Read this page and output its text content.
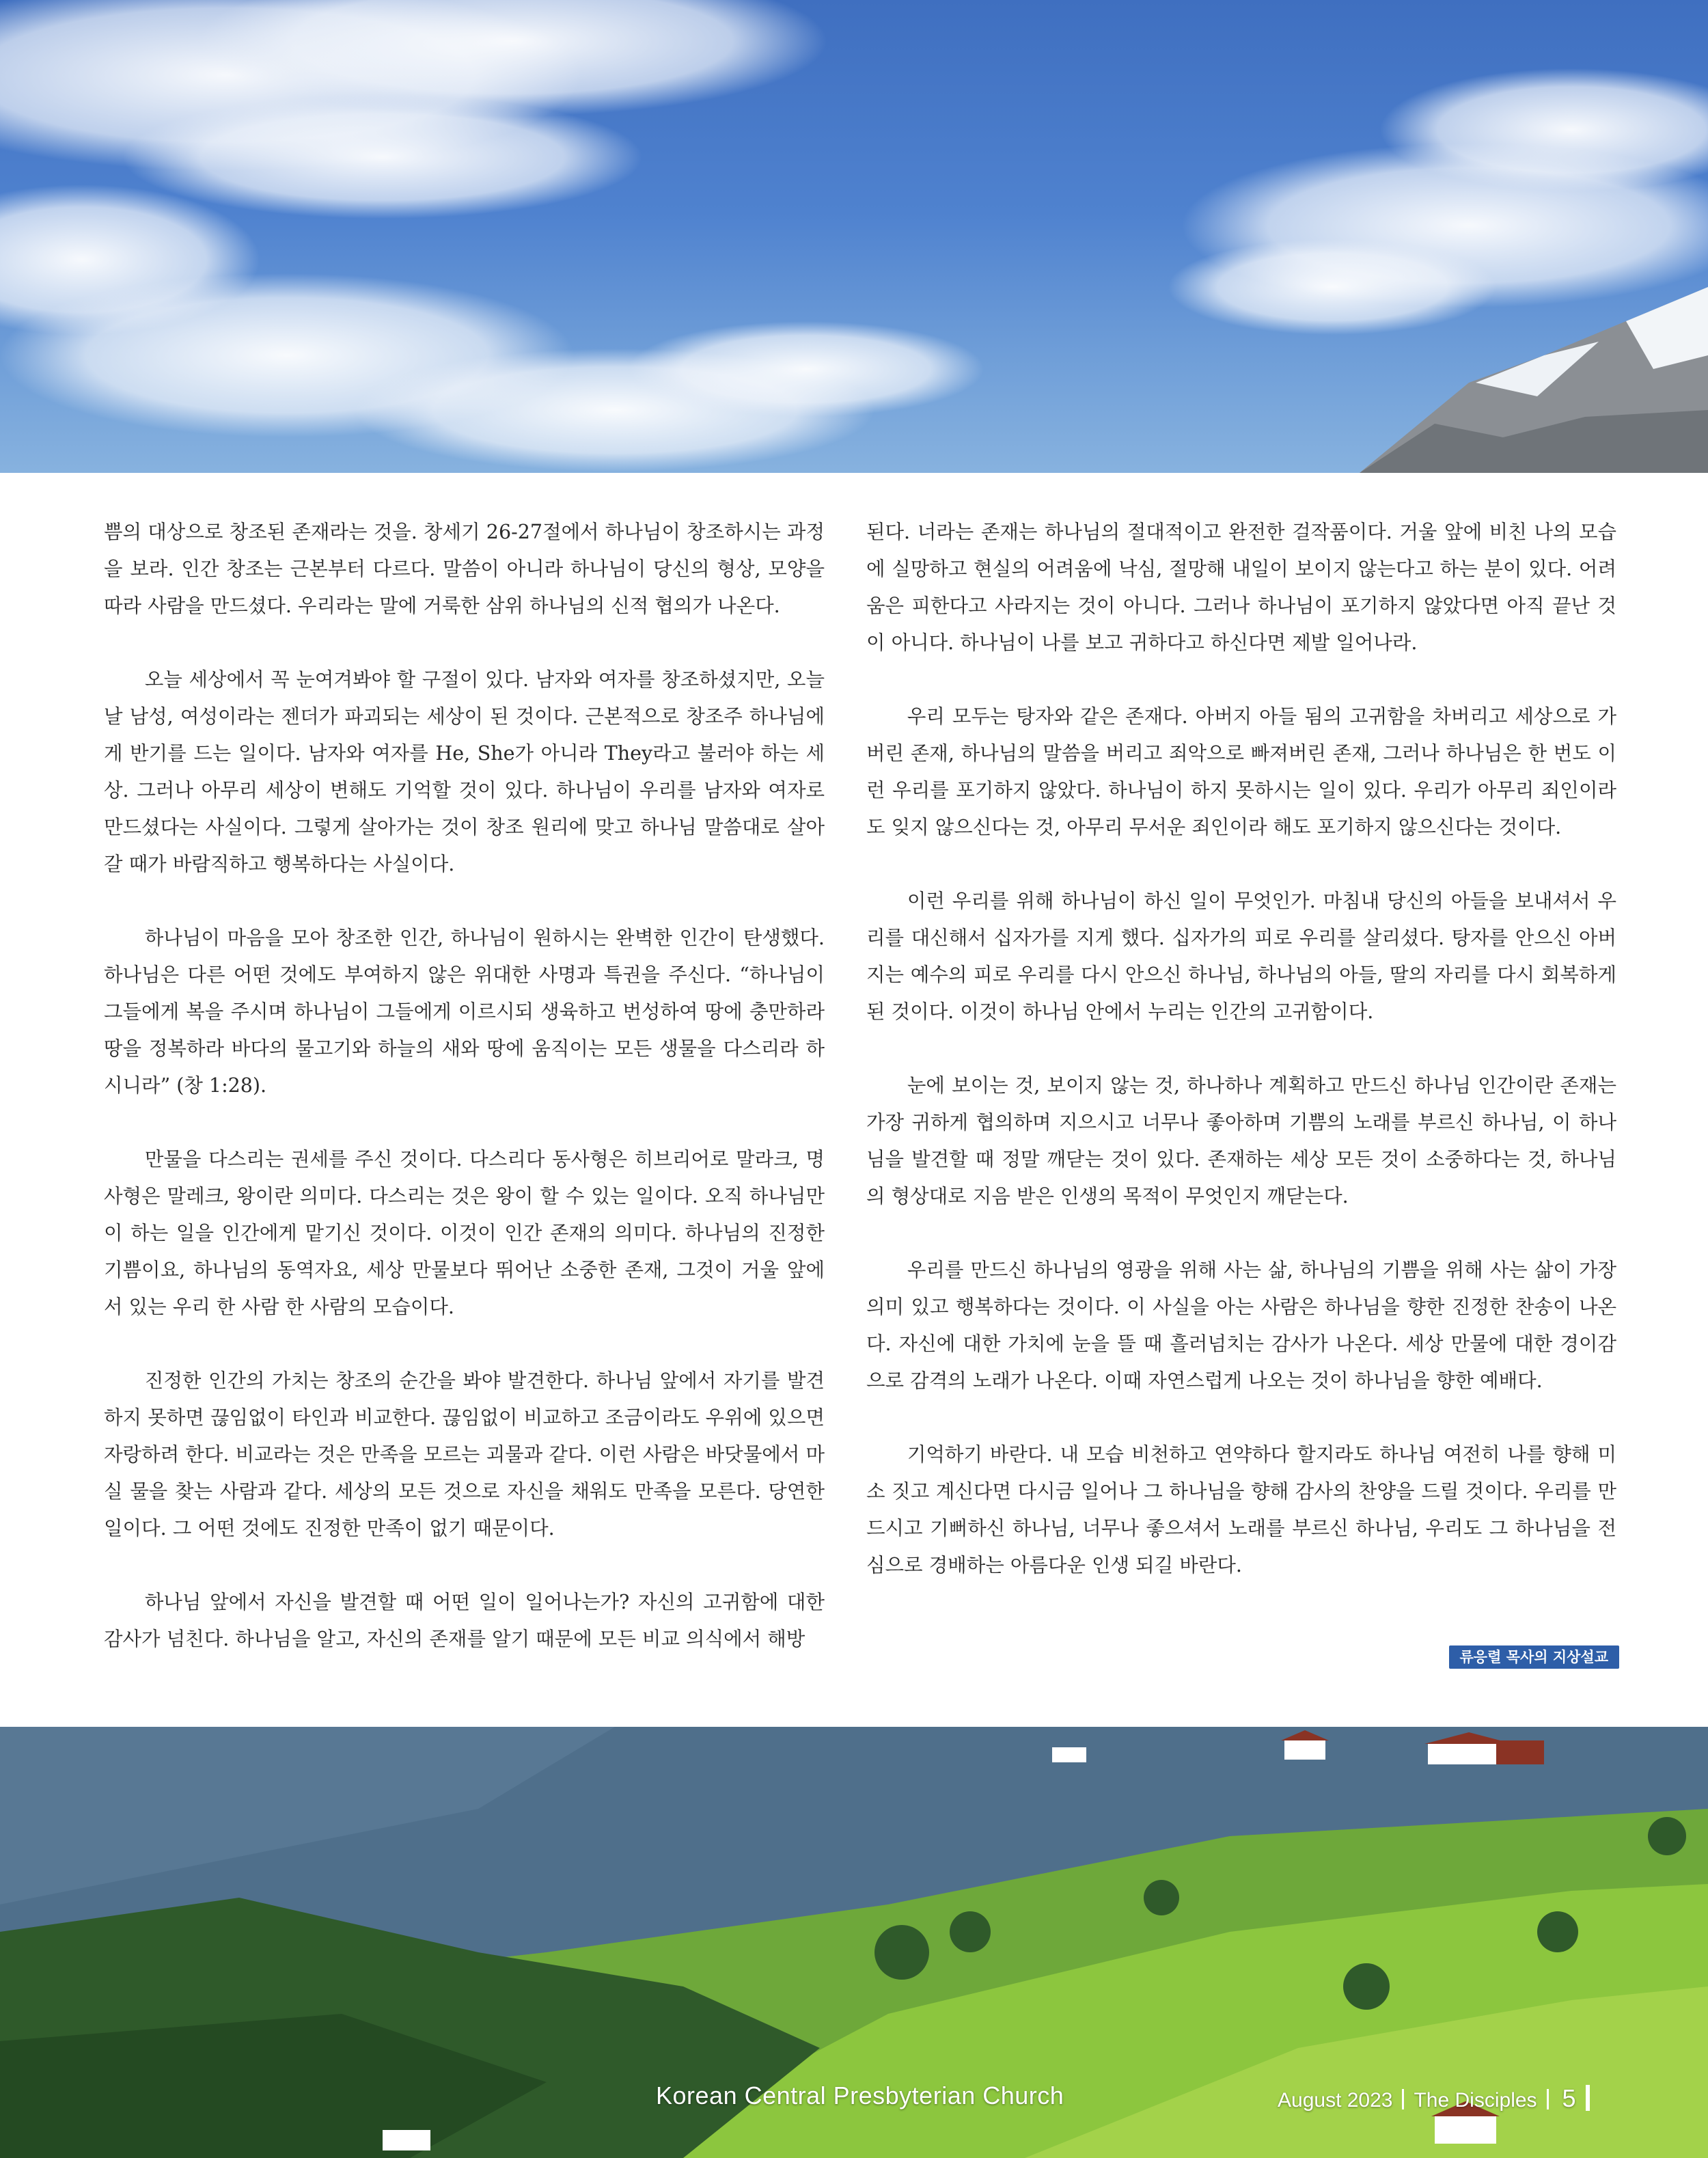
쁨의 대상으로 창조된 존재라는 것을. 창세기 26-27절에서 하나님이 창조하시는 과정을 보라. 인간 창조는 근본부터 다르다. 말씀이 아니라 하나님이 당신의 형상, 모양을 따라 사람을 만드셨다. 우리라는 말에 거룩한 삼위 하나님의 신적 협의가 나온다.

오늘 세상에서 꼭 눈여겨봐야 할 구절이 있다. 남자와 여자를 창조하셨지만, 오늘날 남성, 여성이라는 젠더가 파괴되는 세상이 된 것이다. 근본적으로 창조주 하나님에게 반기를 드는 일이다. 남자와 여자를 He, She가 아니라 They라고 불러야 하는 세상. 그러나 아무리 세상이 변해도 기억할 것이 있다. 하나님이 우리를 남자와 여자로 만드셨다는 사실이다. 그렇게 살아가는 것이 창조 원리에 맞고 하나님 말씀대로 살아갈 때가 바람직하고 행복하다는 사실이다.

하나님이 마음을 모아 창조한 인간, 하나님이 원하시는 완벽한 인간이 탄생했다. 하나님은 다른 어떤 것에도 부여하지 않은 위대한 사명과 특권을 주신다. “하나님이 그들에게 복을 주시며 하나님이 그들에게 이르시되 생육하고 번성하여 땅에 충만하라 땅을 정복하라 바다의 물고기와 하늘의 새와 땅에 움직이는 모든 생물을 다스리라 하시니라” (창 1:28).

만물을 다스리는 권세를 주신 것이다. 다스리다 동사형은 히브리어로 말라크, 명사형은 말레크, 왕이란 의미다. 다스리는 것은 왕이 할 수 있는 일이다. 오직 하나님만이 하는 일을 인간에게 맡기신 것이다. 이것이 인간 존재의 의미다. 하나님의 진정한 기쁨이요, 하나님의 동역자요, 세상 만물보다 뛰어난 소중한 존재, 그것이 거울 앞에 서 있는 우리 한 사람 한 사람의 모습이다.

진정한 인간의 가치는 창조의 순간을 봐야 발견한다. 하나님 앞에서 자기를 발견하지 못하면 끊임없이 타인과 비교한다. 끊임없이 비교하고 조금이라도 우위에 있으면 자랑하려 한다. 비교라는 것은 만족을 모르는 괴물과 같다. 이런 사람은 바닷물에서 마실 물을 찾는 사람과 같다. 세상의 모든 것으로 자신을 채워도 만족을 모른다. 당연한 일이다. 그 어떤 것에도 진정한 만족이 없기 때문이다.

하나님 앞에서 자신을 발견할 때 어떤 일이 일어나는가? 자신의 고귀함에 대한 감사가 넘친다. 하나님을 알고, 자신의 존재를 알기 때문에 모든 비교 의식에서 해방

된다. 너라는 존재는 하나님의 절대적이고 완전한 걸작품이다. 거울 앞에 비친 나의 모습에 실망하고 현실의 어려움에 낙심, 절망해 내일이 보이지 않는다고 하는 분이 있다. 어려움은 피한다고 사라지는 것이 아니다. 그러나 하나님이 포기하지 않았다면 아직 끝난 것이 아니다. 하나님이 나를 보고 귀하다고 하신다면 제발 일어나라.

우리 모두는 탕자와 같은 존재다. 아버지 아들 됨의 고귀함을 차버리고 세상으로 가버린 존재, 하나님의 말씀을 버리고 죄악으로 빠져버린 존재, 그러나 하나님은 한 번도 이런 우리를 포기하지 않았다. 하나님이 하지 못하시는 일이 있다. 우리가 아무리 죄인이라도 잊지 않으신다는 것, 아무리 무서운 죄인이라 해도 포기하지 않으신다는 것이다.

이런 우리를 위해 하나님이 하신 일이 무엇인가. 마침내 당신의 아들을 보내셔서 우리를 대신해서 십자가를 지게 했다. 십자가의 피로 우리를 살리셨다. 탕자를 안으신 아버지는 예수의 피로 우리를 다시 안으신 하나님, 하나님의 아들, 딸의 자리를 다시 회복하게 된 것이다. 이것이 하나님 안에서 누리는 인간의 고귀함이다.

눈에 보이는 것, 보이지 않는 것, 하나하나 계획하고 만드신 하나님 인간이란 존재는 가장 귀하게 협의하며 지으시고 너무나 좋아하며 기쁨의 노래를 부르신 하나님, 이 하나님을 발견할 때 정말 깨닫는 것이 있다. 존재하는 세상 모든 것이 소중하다는 것, 하나님의 형상대로 지음 받은 인생의 목적이 무엇인지 깨닫는다.

우리를 만드신 하나님의 영광을 위해 사는 삶, 하나님의 기쁨을 위해 사는 삶이 가장 의미 있고 행복하다는 것이다. 이 사실을 아는 사람은 하나님을 향한 진정한 찬송이 나온다. 자신에 대한 가치에 눈을 뜰 때 흘러넘치는 감사가 나온다. 세상 만물에 대한 경이감으로 감격의 노래가 나온다. 이때 자연스럽게 나오는 것이 하나님을 향한 예배다.

기억하기 바란다. 내 모습 비천하고 연약하다 할지라도 하나님 여전히 나를 향해 미소 짓고 계신다면 다시금 일어나 그 하나님을 향해 감사의 찬양을 드릴 것이다. 우리를 만드시고 기뻐하신 하나님, 너무나 좋으셔서 노래를 부르신 하나님, 우리도 그 하나님을 전심으로 경배하는 아름다운 인생 되길 바란다.

류응렬 목사의 지상설교
Korean Central Presbyterian Church	August 2023 The Disciples 5
